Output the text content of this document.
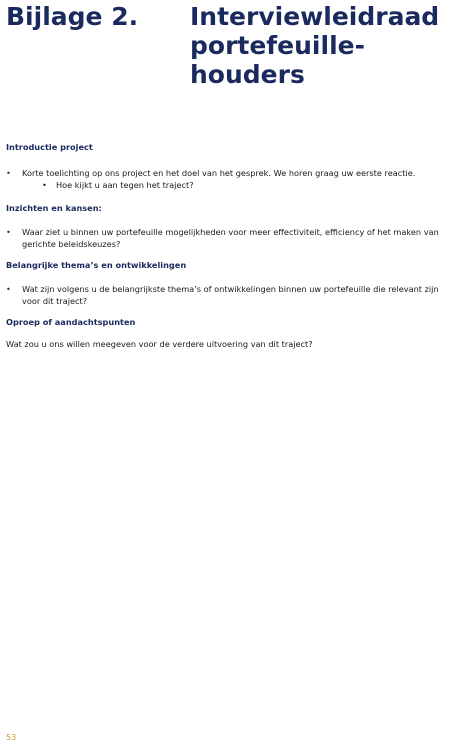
Bijlage 2. Interviewleidraad portefeuille-houders

Introductie project

• Korte toelichting op ons project en het doel van het gesprek. We horen graag uw eerste reactie.
• Hoe kijkt u aan tegen het traject?

Inzichten en kansen:

• Waar ziet u binnen uw portefeuille mogelijkheden voor meer effectiviteit, efficiency of het maken van gerichte beleidskeuzes?

Belangrijke thema’s en ontwikkelingen

• Wat zijn volgens u de belangrijkste thema’s of ontwikkelingen binnen uw portefeuille die relevant zijn voor dit traject?

Oproep of aandachtspunten

Wat zou u ons willen meegeven voor de verdere uitvoering van dit traject?

53
